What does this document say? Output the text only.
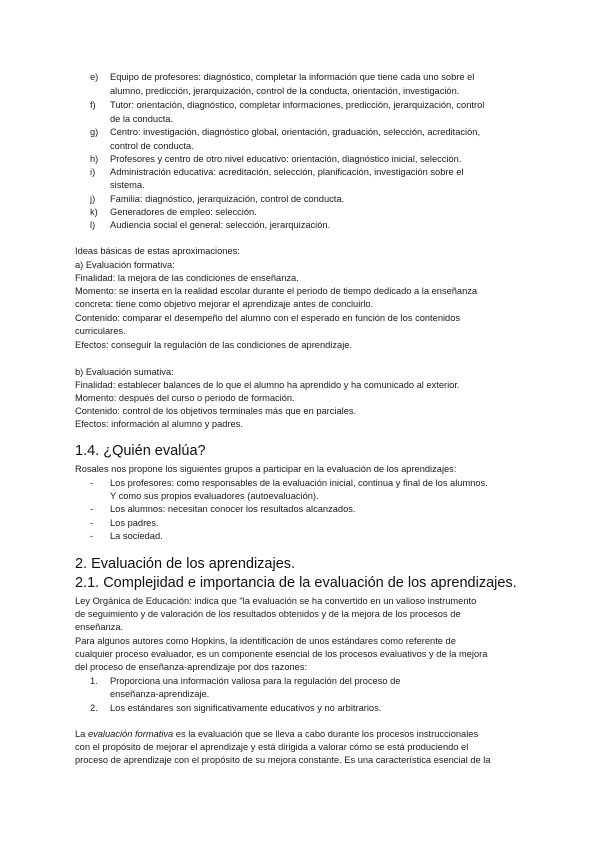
e) Equipo de profesores: diagnóstico, completar la información que tiene cada uno sobre el
alumno, predicción, jerarquización, control de la conducta, orientación, investigación.
f) Tutor: orientación, diagnóstico, completar informaciones, predicción, jerarquización, control
de la conducta.
g) Centro: investigación, diagnóstico global, orientación, graduación, selección, acreditación,
control de conducta.
h) Profesores y centro de otro nivel educativo: orientación, diagnóstico inicial, selección.
i) Administración educativa: acreditación, selección, planificación, investigación sobre el
sistema.
j) Familia: diagnóstico, jerarquización, control de conducta.
k) Generadores de empleo: selección.
l) Audiencia social el general: selección, jerarquización.

Ideas básicas de estas aproximaciones:

a) Evaluación formativa:

Finalidad: la mejora de las condiciones de enseñanza.

Momento: se inserta en la realidad escolar durante el periodo de tiempo dedicado a la enseñanza

concreta: tiene como objetivo mejorar el aprendizaje antes de concluirlo.

Contenido: comparar el desempeño del alumno con el esperado en función de los contenidos

curriculares.

Efectos: conseguir la regulación de las condiciones de aprendizaje.

b) Evaluación sumativa:

Finalidad: establecer balances de lo que el alumno ha aprendido y ha comunicado al exterior.

Momento: después del curso o periodo de formación.

Contenido: control de los objetivos terminales más que en parciales.

Efectos: información al alumno y padres.

1.4. ¿Quién evalúa?

Rosales nos propone los siguientes grupos a participar en la evaluación de los aprendizajes:

- Los profesores: como responsables de la evaluación inicial, continua y final de los alumnos.
Y como sus propios evaluadores (autoevaluación).
- Los alumnos: necesitan conocer los resultados alcanzados.
- Los padres.
- La sociedad.
2. Evaluación de los aprendizajes.
2.1. Complejidad e importancia de la evaluación de los aprendizajes.

Ley Orgánica de Educación: indica que "la evaluación se ha convertido en un valioso instrumento

de seguimiento y de valoración de los resultados obtenidos y de la mejora de los procesos de

enseñanza.

Para algunos autores como Hopkins, la identificación de unos estándares como referente de

cualquier proceso evaluador, es un componente esencial de los procesos evaluativos y de la mejora

del proceso de enseñanza-aprendizaje por dos razones:

1. Proporciona una información valiosa para la regulación del proceso de
enseñanza-aprendizaje.
2. Los estándares son significativamente educativos y no arbitrarios.

La evaluación formativa es la evaluación que se lleva a cabo durante los procesos instruccionales

con el propósito de mejorar el aprendizaje y está dirigida a valorar cómo se está produciendo el

proceso de aprendizaje con el propósito de su mejora constante. Es una característica esencial de la
